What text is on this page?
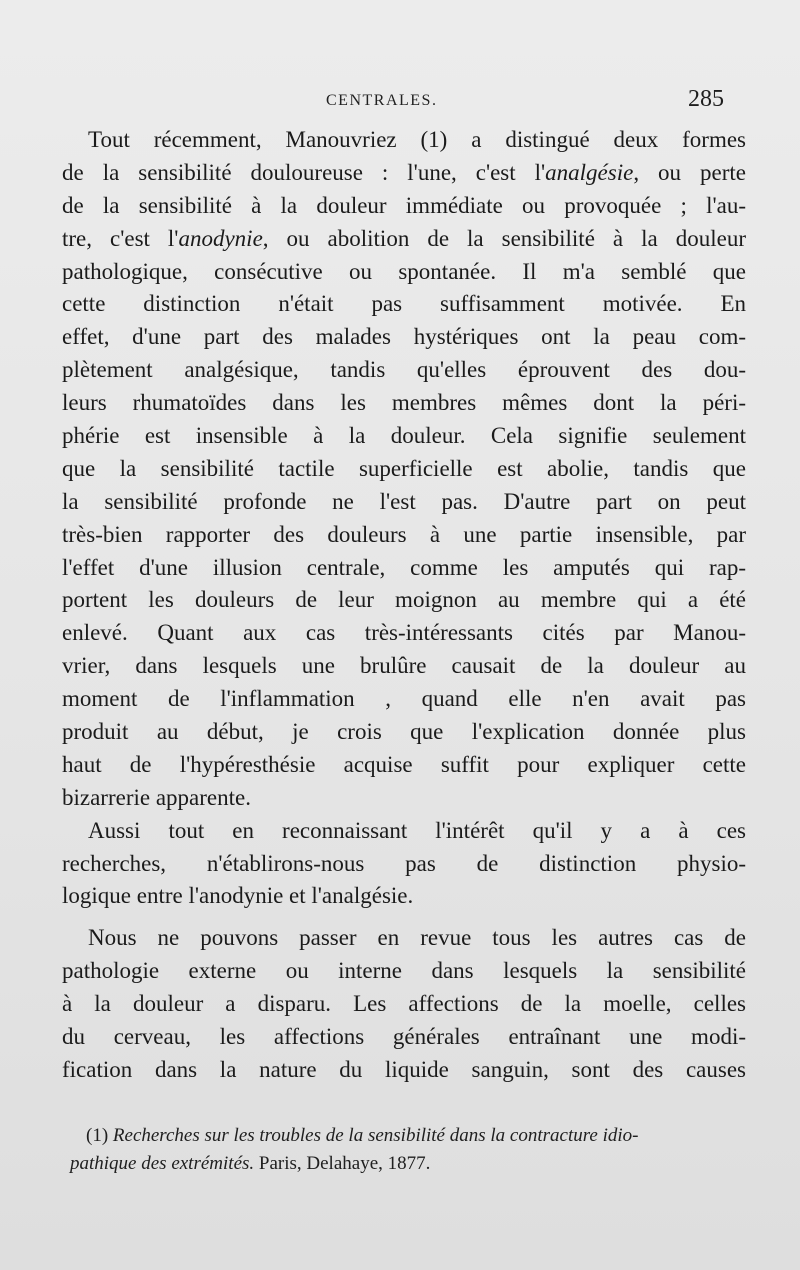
CENTRALES.	285
Tout récemment, Manouvriez (1) a distingué deux formes
de la sensibilité douloureuse : l'une, c'est l'analgésie, ou perte
de la sensibilité à la douleur immédiate ou provoquée ; l'au-
tre, c'est l'anodynie, ou abolition de la sensibilité à la douleur
pathologique, consécutive ou spontanée. Il m'a semblé que
cette distinction n'était pas suffisamment motivée. En
effet, d'une part des malades hystériques ont la peau com-
plètement analgésique, tandis qu'elles éprouvent des dou-
leurs rhumatoïdes dans les membres mêmes dont la péri-
phérie est insensible à la douleur. Cela signifie seulement
que la sensibilité tactile superficielle est abolie, tandis que
la sensibilité profonde ne l'est pas. D'autre part on peut
très-bien rapporter des douleurs à une partie insensible, par
l'effet d'une illusion centrale, comme les amputés qui rap-
portent les douleurs de leur moignon au membre qui a été
enlevé. Quant aux cas très-intéressants cités par Manou-
vrier, dans lesquels une brulûre causait de la douleur au
moment de l'inflammation , quand elle n'en avait pas
produit au début, je crois que l'explication donnée plus
haut de l'hypéresthésie acquise suffit pour expliquer cette
bizarrerie apparente.
Aussi tout en reconnaissant l'intérêt qu'il y a à ces
recherches, n'établirons-nous pas de distinction physio-
logique entre l'anodynie et l'analgésie.
Nous ne pouvons passer en revue tous les autres cas de
pathologie externe ou interne dans lesquels la sensibilité
à la douleur a disparu. Les affections de la moelle, celles
du cerveau, les affections générales entraînant une modi-
fication dans la nature du liquide sanguin, sont des causes
(1) Recherches sur les troubles de la sensibilité dans la contracture idio-
pathique des extrémités. Paris, Delahaye, 1877.
